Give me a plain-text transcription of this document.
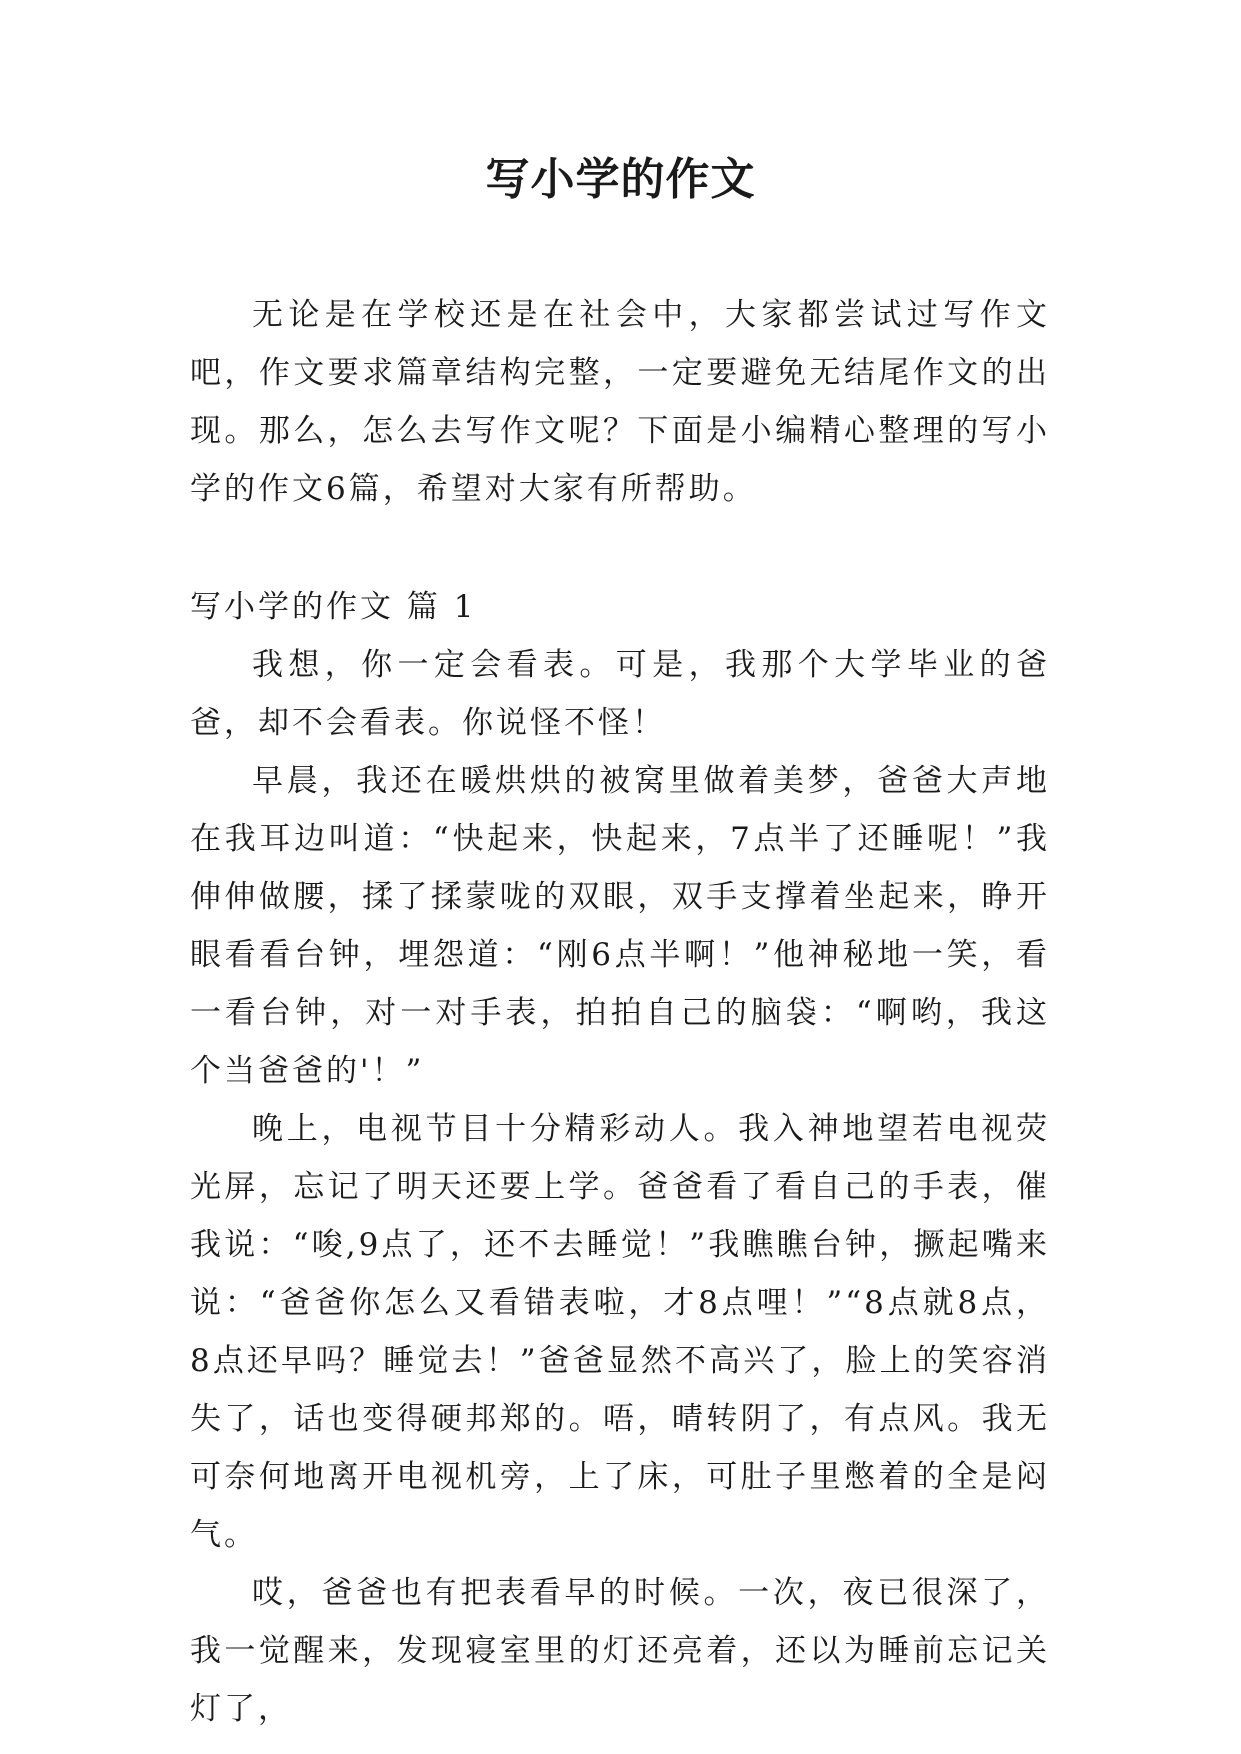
写小学的作文

无论是在学校还是在社会中，大家都尝试过写作文吧，作文要求篇章结构完整，一定要避免无结尾作文的出现。那么，怎么去写作文呢？下面是小编精心整理的写小学的作文6篇，希望对大家有所帮助。

写小学的作文 篇 1

我想，你一定会看表。可是，我那个大学毕业的爸爸，却不会看表。你说怪不怪！

早晨，我还在暖烘烘的被窝里做着美梦，爸爸大声地在我耳边叫道：“快起来，快起来，7点半了还睡呢！”我伸伸做腰，揉了揉蒙咙的双眼，双手支撑着坐起来，睁开眼看看台钟，埋怨道：“刚6点半啊！”他神秘地一笑，看一看台钟，对一对手表，拍拍自己的脑袋：“啊哟，我这个当爸爸的'！”

晚上，电视节目十分精彩动人。我入神地望若电视荧光屏，忘记了明天还要上学。爸爸看了看自己的手表，催我说：“唆,9点了，还不去睡觉！”我瞧瞧台钟，撅起嘴来说：“爸爸你怎么又看错表啦，才8点哩！”“8点就8点，8点还早吗？睡觉去！”爸爸显然不高兴了，脸上的笑容消失了，话也变得硬邦郑的。唔，晴转阴了，有点风。我无可奈何地离开电视机旁，上了床，可肚子里憋着的全是闷气。

哎，爸爸也有把表看早的时候。一次，夜已很深了，我一觉醒来，发现寝室里的灯还亮着，还以为睡前忘记关灯了，
